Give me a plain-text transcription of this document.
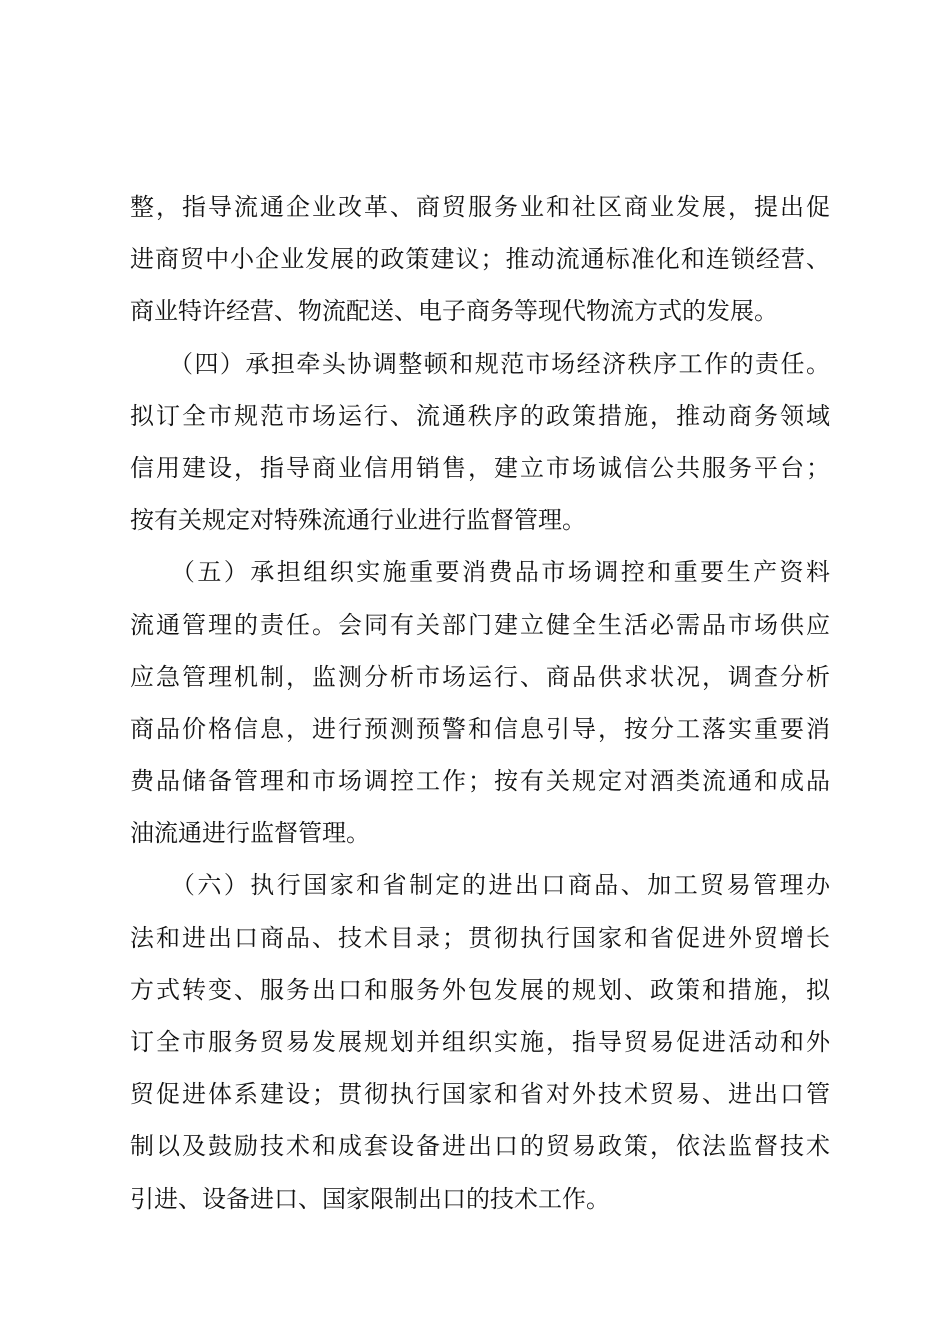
整，指导流通企业改革、商贸服务业和社区商业发展，提出促
进商贸中小企业发展的政策建议；推动流通标准化和连锁经营、
商业特许经营、物流配送、电子商务等现代物流方式的发展。
　　（四）承担牵头协调整顿和规范市场经济秩序工作的责任。
拟订全市规范市场运行、流通秩序的政策措施，推动商务领域
信用建设，指导商业信用销售，建立市场诚信公共服务平台；
按有关规定对特殊流通行业进行监督管理。
　　（五）承担组织实施重要消费品市场调控和重要生产资料
流通管理的责任。会同有关部门建立健全生活必需品市场供应
应急管理机制，监测分析市场运行、商品供求状况，调查分析
商品价格信息，进行预测预警和信息引导，按分工落实重要消
费品储备管理和市场调控工作；按有关规定对酒类流通和成品
油流通进行监督管理。
　　（六）执行国家和省制定的进出口商品、加工贸易管理办
法和进出口商品、技术目录；贯彻执行国家和省促进外贸增长
方式转变、服务出口和服务外包发展的规划、政策和措施，拟
订全市服务贸易发展规划并组织实施，指导贸易促进活动和外
贸促进体系建设；贯彻执行国家和省对外技术贸易、进出口管
制以及鼓励技术和成套设备进出口的贸易政策，依法监督技术
引进、设备进口、国家限制出口的技术工作。
